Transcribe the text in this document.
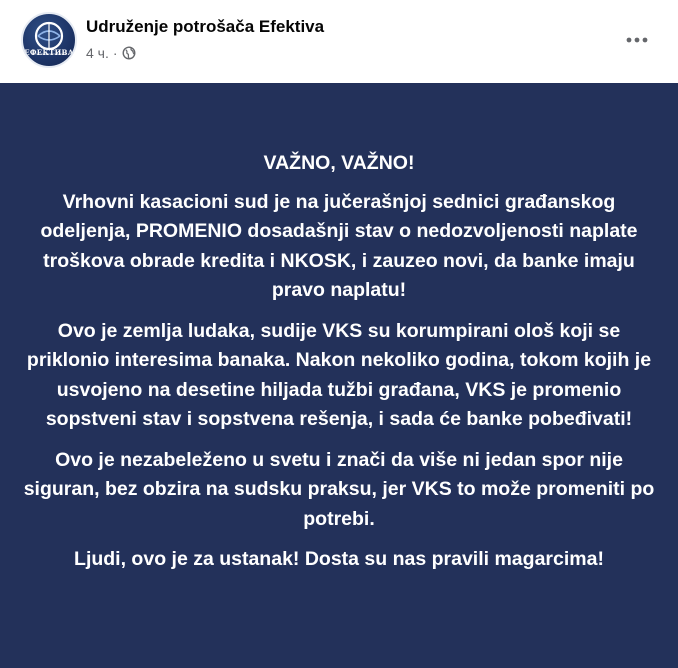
ЕФЕКТИВА
Udruženje potrošača Efektiva
4 ч. ·

VAŽNO, VAŽNO!

Vrhovni kasacioni sud je na jučerašnjoj sednici građanskog odeljenja, PROMENIO dosadašnji stav o nedozvoljenosti naplate troškova obrade kredita i NKOSK, i zauzeo novi, da banke imaju pravo naplatu!

Ovo je zemlja ludaka, sudije VKS su korumpirani ološ koji se priklonio interesima banaka. Nakon nekoliko godina, tokom kojih je usvojeno na desetine hiljada tužbi građana, VKS je promenio sopstveni stav i sopstvena rešenja, i sada će banke pobeđivati!

Ovo je nezabeleženo u svetu i znači da više ni jedan spor nije siguran, bez obzira na sudsku praksu, jer VKS to može promeniti po potrebi.

Ljudi, ovo je za ustanak! Dosta su nas pravili magarcima!
